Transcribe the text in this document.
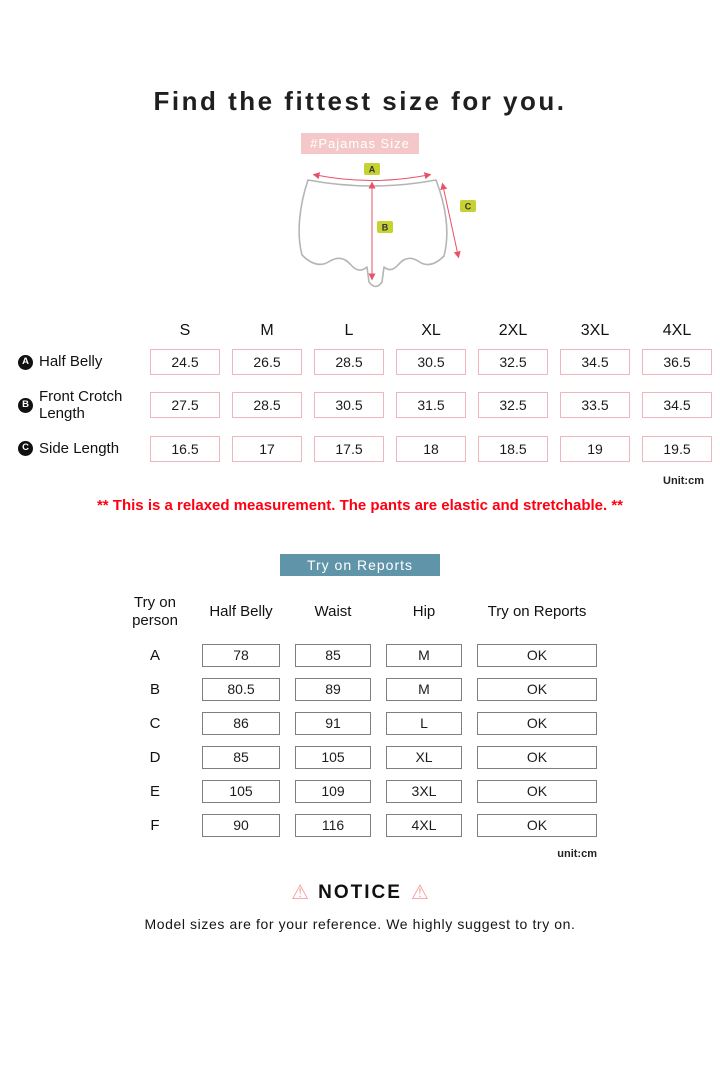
Find the fittest size for you.
#Pajamas Size
A
B
C
S	M	L	XL	2XL	3XL	4XL
A Half Belly	24.5	26.5	28.5	30.5	32.5	34.5	36.5
B Front Crotch Length	27.5	28.5	30.5	31.5	32.5	33.5	34.5
C Side Length	16.5	17	17.5	18	18.5	19	19.5
Unit:cm

** This is a relaxed measurement. The pants are elastic and stretchable. **

Try on Reports
Try on person
Half Belly	Waist	Hip	Try on Reports
A	78	85	M	OK
B	80.5	89	M	OK
C	86	91	L	OK
D	85	105	XL	OK
E	105	109	3XL	OK
F	90	116	4XL	OK
unit:cm
⚠ NOTICE ⚠

Model sizes are for your reference. We highly suggest to try on.
